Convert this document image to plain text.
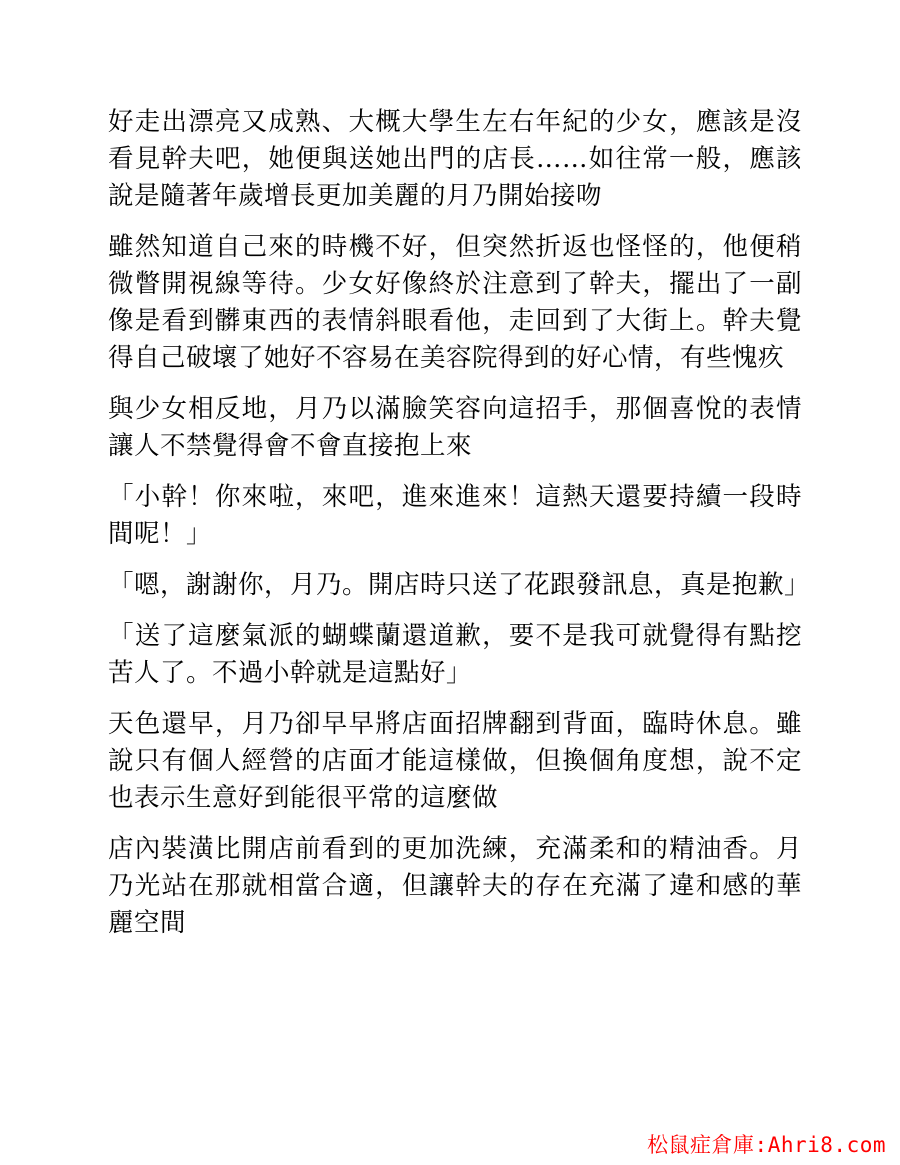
好走出漂亮又成熟、大概大學生左右年紀的少女，應該是沒看見幹夫吧，她便與送她出門的店長……如往常一般，應該說是隨著年歲增長更加美麗的月乃開始接吻

雖然知道自己來的時機不好，但突然折返也怪怪的，他便稍微瞥開視線等待。少女好像終於注意到了幹夫，擺出了一副像是看到髒東西的表情斜眼看他，走回到了大街上。幹夫覺得自己破壞了她好不容易在美容院得到的好心情，有些愧疚

與少女相反地，月乃以滿臉笑容向這招手，那個喜悅的表情讓人不禁覺得會不會直接抱上來

「小幹！你來啦，來吧，進來進來！這熱天還要持續一段時間呢！」

「嗯，謝謝你，月乃。開店時只送了花跟發訊息，真是抱歉」

「送了這麼氣派的蝴蝶蘭還道歉，要不是我可就覺得有點挖苦人了。不過小幹就是這點好」

天色還早，月乃卻早早將店面招牌翻到背面，臨時休息。雖說只有個人經營的店面才能這樣做，但換個角度想，說不定也表示生意好到能很平常的這麼做

店內裝潢比開店前看到的更加洗練，充滿柔和的精油香。月乃光站在那就相當合適，但讓幹夫的存在充滿了違和感的華麗空間

松鼠症倉庫:Ahri8.com
